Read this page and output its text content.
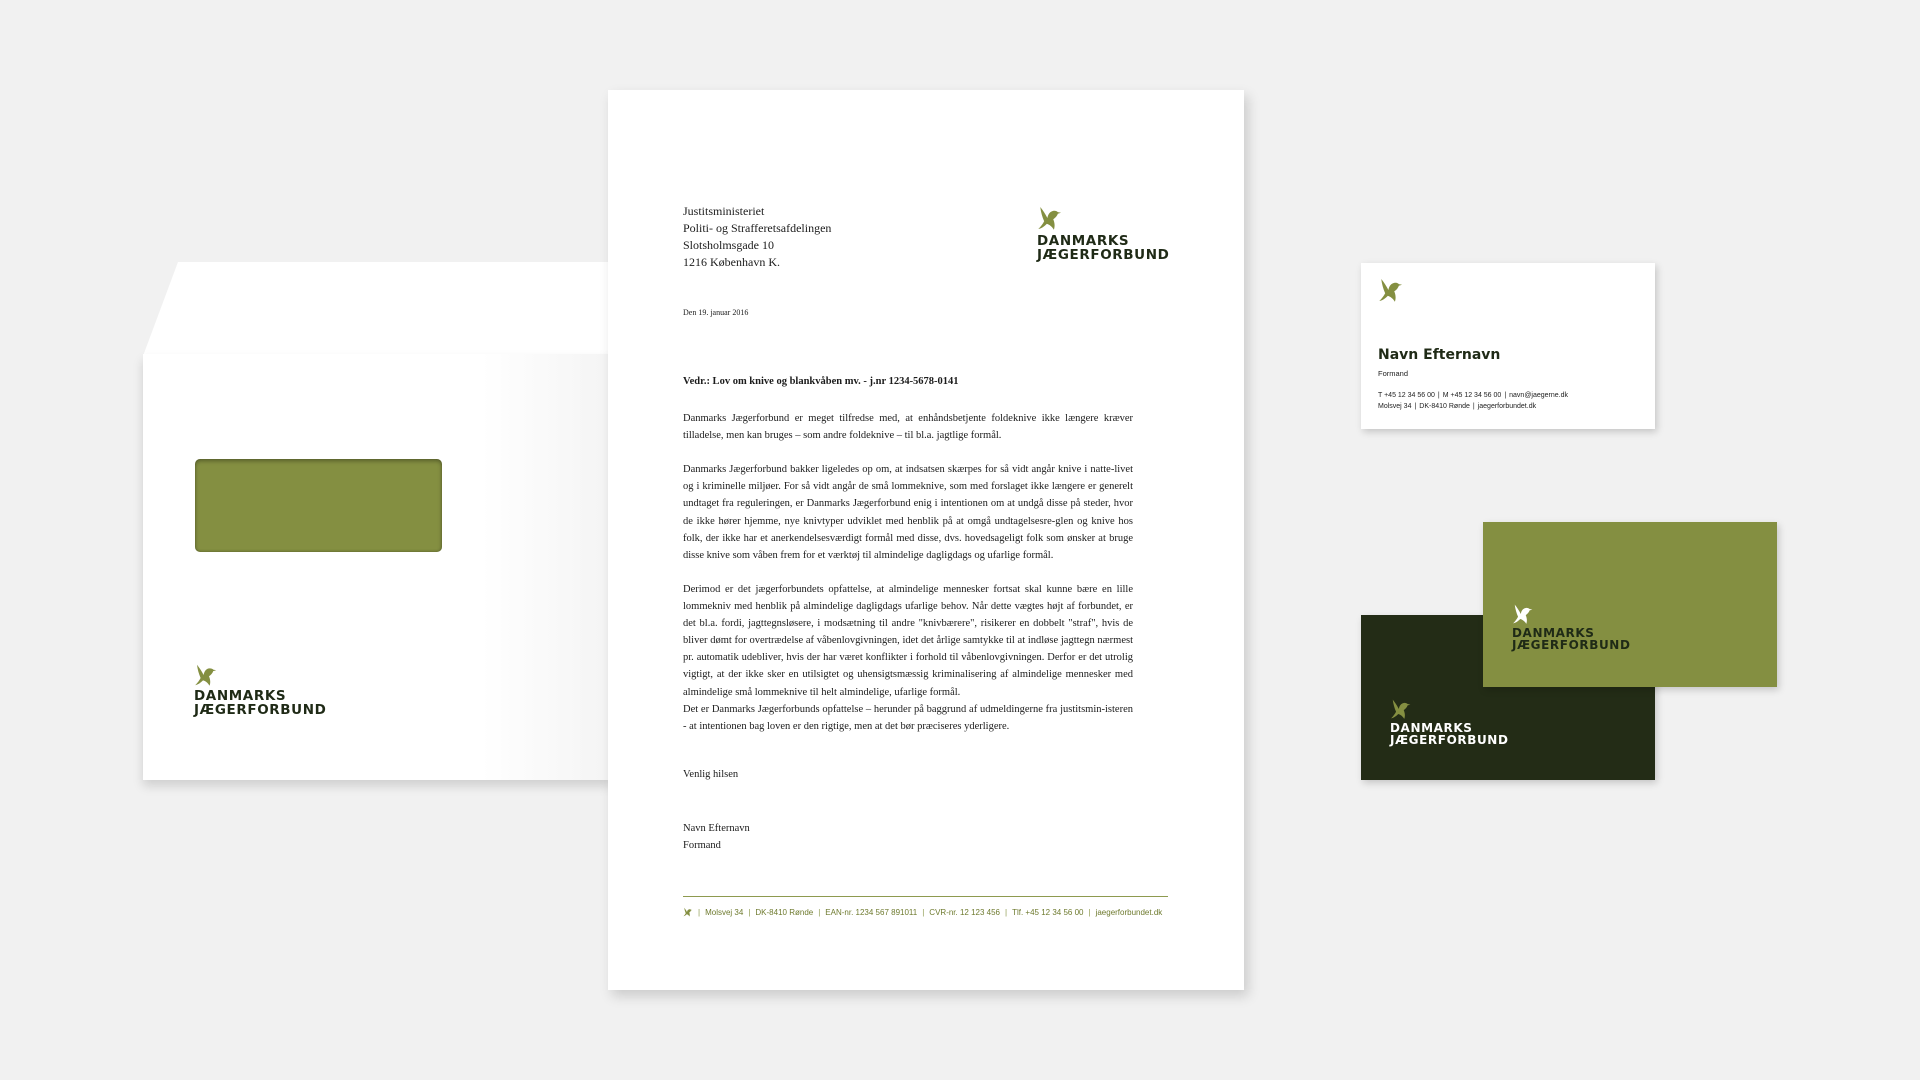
DANMARKS
JÆGERFORBUND
Justitsministeriet
Politi- og Strafferetsafdelingen
Slotsholmsgade 10
1216 København K.
DANMARKS
JÆGERFORBUND
Den 19. januar 2016
Vedr.: Lov om knive og blankvåben mv. - j.nr 1234-5678-0141

Danmarks Jægerforbund er meget tilfredse med, at enhåndsbetjente foldeknive ikke længere kræver tilladelse, men kan bruges – som andre foldeknive – til bl.a. jagtlige formål.

Danmarks Jægerforbund bakker ligeledes op om, at indsatsen skærpes for så vidt angår knive i natte-livet og i kriminelle miljøer. For så vidt angår de små lommeknive, som med forslaget ikke længere er generelt undtaget fra reguleringen, er Danmarks Jægerforbund enig i intentionen om at undgå disse på steder, hvor de ikke hører hjemme, nye knivtyper udviklet med henblik på at omgå undtagelsesre-glen og knive hos folk, der ikke har et anerkendelsesværdigt formål med disse, dvs. hovedsageligt folk som ønsker at bruge disse knive som våben frem for et værktøj til almindelige dagligdags og ufarlige formål.

Derimod er det jægerforbundets opfattelse, at almindelige mennesker fortsat skal kunne bære en lille lommekniv med henblik på almindelige dagligdags ufarlige behov. Når dette vægtes højt af forbundet, er det bl.a. fordi, jagttegnsløsere, i modsætning til andre "knivbærere", risikerer en dobbelt "straf", hvis de bliver dømt for overtrædelse af våbenlovgivningen, idet det årlige samtykke til at indløse jagttegn nærmest pr. automatik udebliver, hvis der har været konflikter i forhold til våbenlovgivningen. Derfor er det utrolig vigtigt, at der ikke sker en utilsigtet og uhensigtsmæssig kriminalisering af almindelige mennesker med almindelige små lommeknive til helt almindelige, ufarlige formål.

Det er Danmarks Jægerforbunds opfattelse – herunder på baggrund af udmeldingerne fra justitsmin-isteren - at intentionen bag loven er den rigtige, men at det bør præciseres yderligere.

Venlig hilsen
Navn Efternavn
Formand
| Molsvej 34 | DK-8410 Rønde | EAN-nr. 1234 567 891011 | CVR-nr. 12 123 456 | Tlf. +45 12 34 56 00 | jaegerforbundet.dk
Navn Efternavn
Formand
T +45 12 34 56 00 | M +45 12 34 56 00 | navn@jaegerne.dk
Molsvej 34 | DK-8410 Rønde | jaegerforbundet.dk
DANMARKS
JÆGERFORBUND
DANMARKS
JÆGERFORBUND
